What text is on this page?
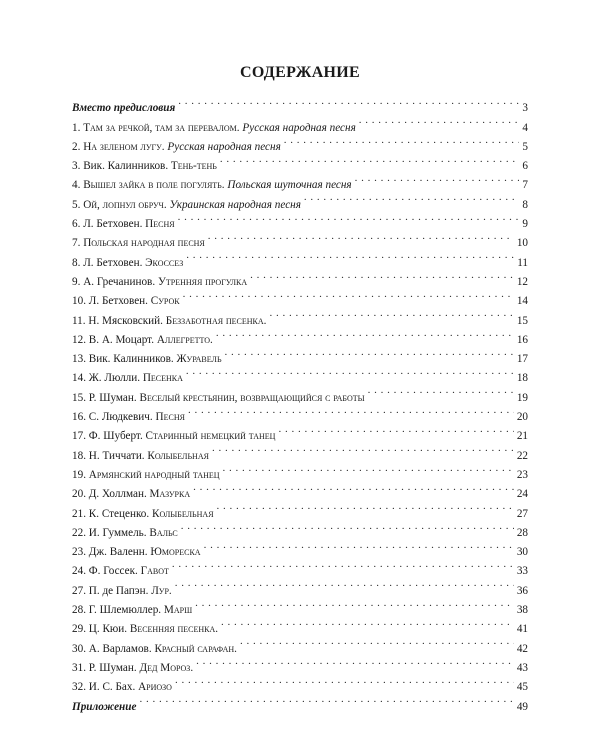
СОДЕРЖАНИЕ
Вместо предисловия . . .	3
1. Там за речкой, там за перевалом. Русская народная песня . . .	4
2. На зеленом лугу. Русская народная песня . . .	5
3. Вик. Калинников. Тень-тень . . .	6
4. Вышел зайка в поле погулять. Польская шуточная песня . . .	7
5. Ой, лопнул обруч. Украинская народная песня . . .	8
6. Л. Бетховен. Песня . . .	9
7. Польская народная песня . . .	10
8. Л. Бетховен. Экоссез . . .	11
9. А. Гречанинов. Утренняя прогулка . . .	12
10. Л. Бетховен. Сурок . . .	14
11. Н. Мясковский. Беззаботная песенка. . . .	15
12. В. А. Моцарт. Аллегретто. . . .	16
13. Вик. Калинников. Журавель . . .	17
14. Ж. Люлли. Песенка . . .	18
15. Р. Шуман. Веселый крестьянин, возвращающийся с работы . . .	19
16. С. Людкевич. Песня . . .	20
17. Ф. Шуберт. Старинный немецкий танец . . .	21
18. Н. Тиччати. Колыбельная . . .	22
19. Армянский народный танец . . .	23
20. Д. Холлман. Мазурка . . .	24
21. К. Стеценко. Колыбельная . . .	27
22. И. Гуммель. Вальс . . .	28
23. Дж. Валенн. Юмореска . . .	30
24. Ф. Госсек. Гавот . . .	33
27. П. де Папэн. Лур. . . .	36
28. Г. Шлемюллер. Марш . . .	38
29. Ц. Кюи. Весенняя песенка. . . .	41
30. А. Варламов. Красный сарафан. . . .	42
31. Р. Шуман. Дед Мороз. . . .	43
32. И. С. Бах. Ариозо . . .	45
Приложение . . .	49
